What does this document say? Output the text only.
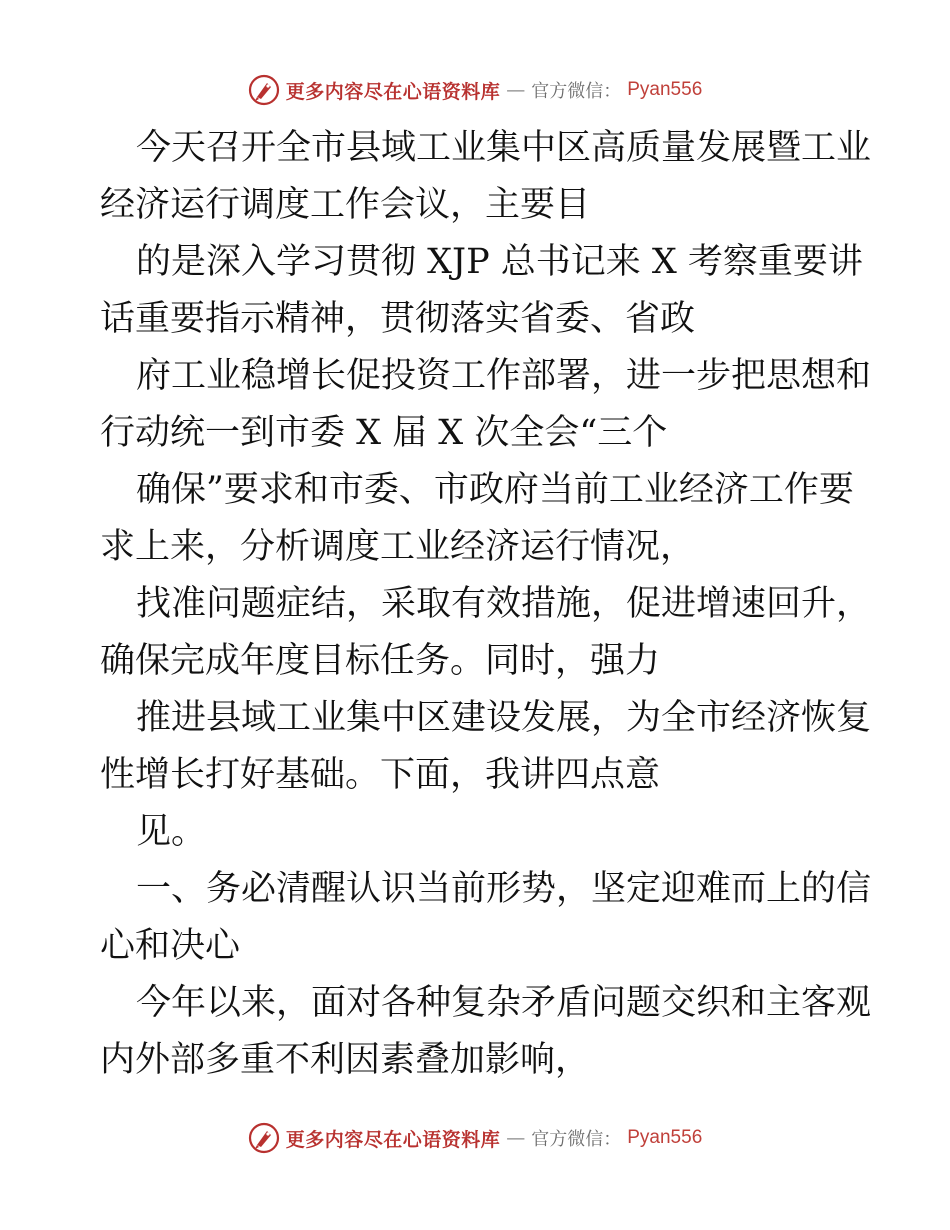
更多内容尽在心语资料库 — 官方微信： Pyan556
今天召开全市县域工业集中区高质量发展暨工业
经济运行调度工作会议，主要目
的是深入学习贯彻 XJP 总书记来 X 考察重要讲
话重要指示精神，贯彻落实省委、省政
府工业稳增长促投资工作部署，进一步把思想和
行动统一到市委 X 届 X 次全会“三个
确保”要求和市委、市政府当前工业经济工作要
求上来，分析调度工业经济运行情况，
找准问题症结，采取有效措施，促进增速回升，
确保完成年度目标任务。同时，强力
推进县域工业集中区建设发展，为全市经济恢复
性增长打好基础。下面，我讲四点意
见。
一、务必清醒认识当前形势，坚定迎难而上的信
心和决心
今年以来，面对各种复杂矛盾问题交织和主客观
内外部多重不利因素叠加影响，
更多内容尽在心语资料库 — 官方微信： Pyan556
